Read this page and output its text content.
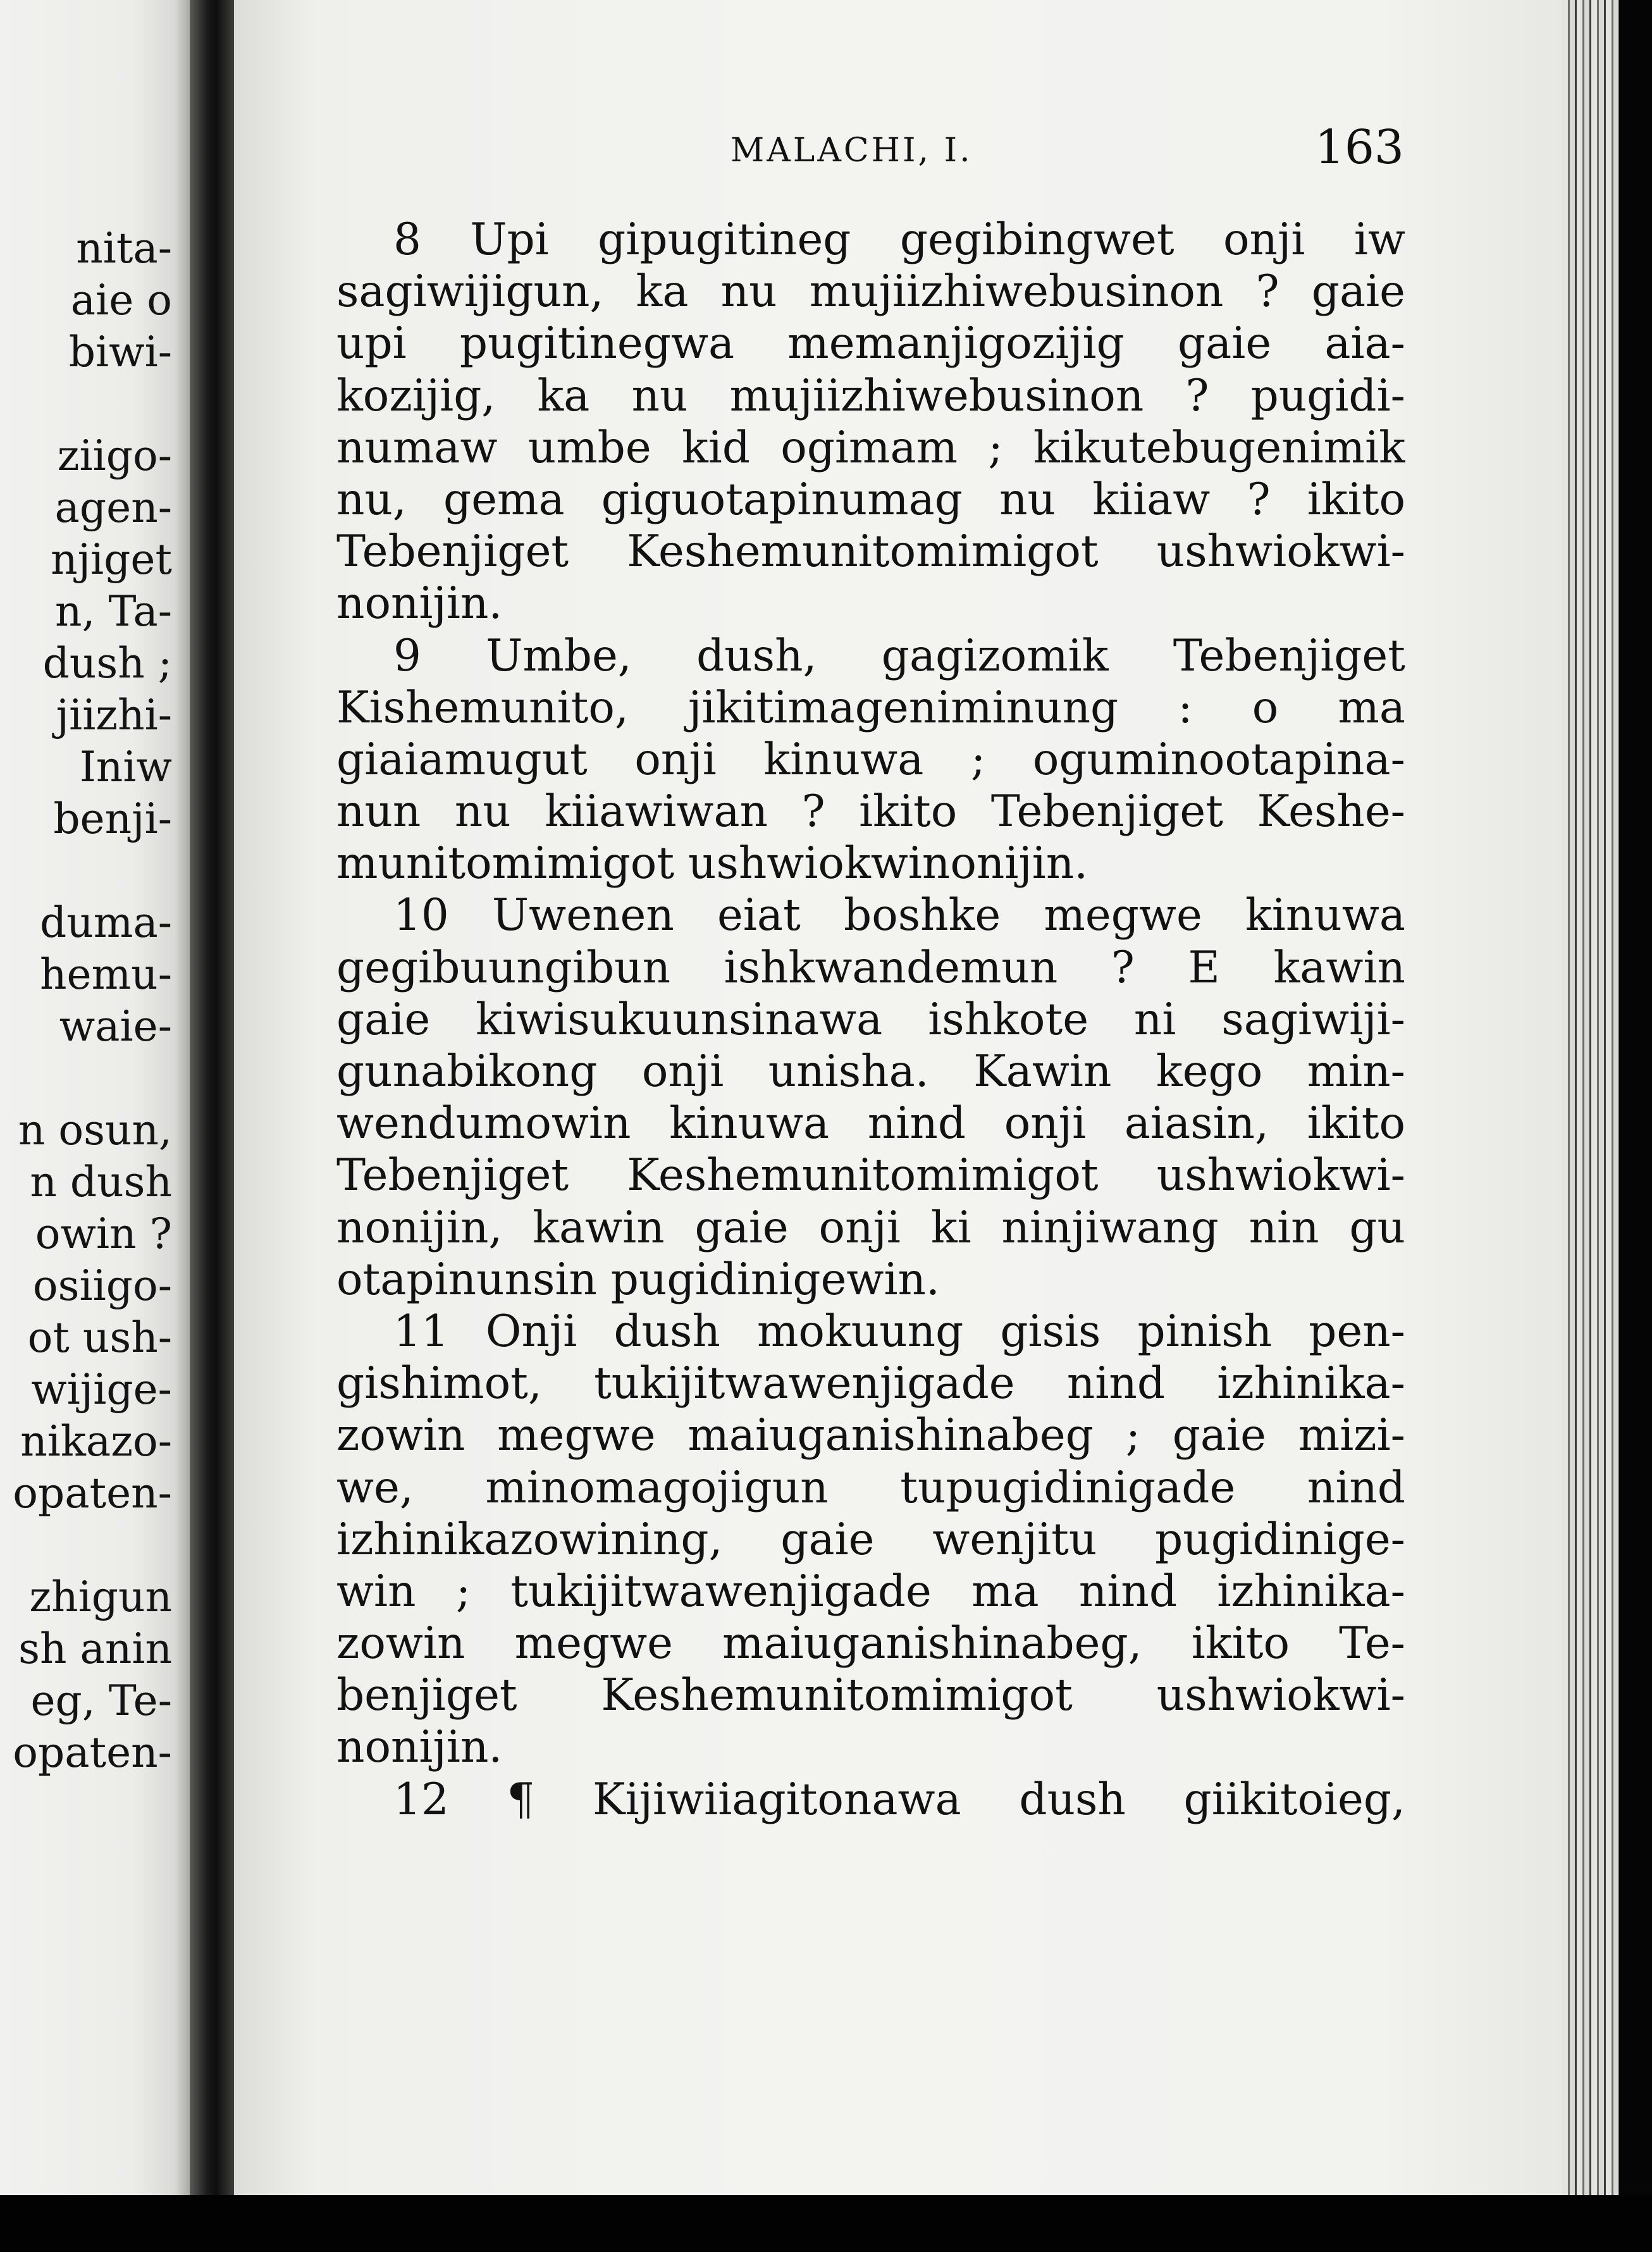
nita-
aie o
biwi-
ziigo-
agen-
njiget
n, Ta-
dush ;
jiizhi-
Iniw
benji-
duma-
hemu-
waie-
n osun,
n dush
owin ?
osiigo-
ot ush-
wijige-
nikazo-
opaten-
zhigun
sh anin
eg, Te-
opaten-
MALACHI, I.	163
8 Upi gipugitineg gegibingwet onji iw
sagiwijigun, ka nu mujiizhiwebusinon ? gaie
upi pugitinegwa memanjigozijig gaie aia-
kozijig, ka nu mujiizhiwebusinon ? pugidi-
numaw umbe kid ogimam ; kikutebugenimik
nu, gema giguotapinumag nu kiiaw ? ikito
Tebenjiget Keshemunitomimigot ushwiokwi-
nonijin.
9 Umbe, dush, gagizomik Tebenjiget
Kishemunito, jikitimageniminung : o ma
giaiamugut onji kinuwa ; oguminootapina-
nun nu kiiawiwan ? ikito Tebenjiget Keshe-
munitomimigot ushwiokwinonijin.
10 Uwenen eiat boshke megwe kinuwa
gegibuungibun ishkwandemun ? E kawin
gaie kiwisukuunsinawa ishkote ni sagiwiji-
gunabikong onji unisha. Kawin kego min-
wendumowin kinuwa nind onji aiasin, ikito
Tebenjiget Keshemunitomimigot ushwiokwi-
nonijin, kawin gaie onji ki ninjiwang nin gu
otapinunsin pugidinigewin.
11 Onji dush mokuung gisis pinish pen-
gishimot, tukijitwawenjigade nind izhinika-
zowin megwe maiuganishinabeg ; gaie mizi-
we, minomagojigun tupugidinigade nind
izhinikazowining, gaie wenjitu pugidinige-
win ; tukijitwawenjigade ma nind izhinika-
zowin megwe maiuganishinabeg, ikito Te-
benjiget Keshemunitomimigot ushwiokwi-
nonijin.
12 ¶ Kijiwiiagitonawa dush giikitoieg,
